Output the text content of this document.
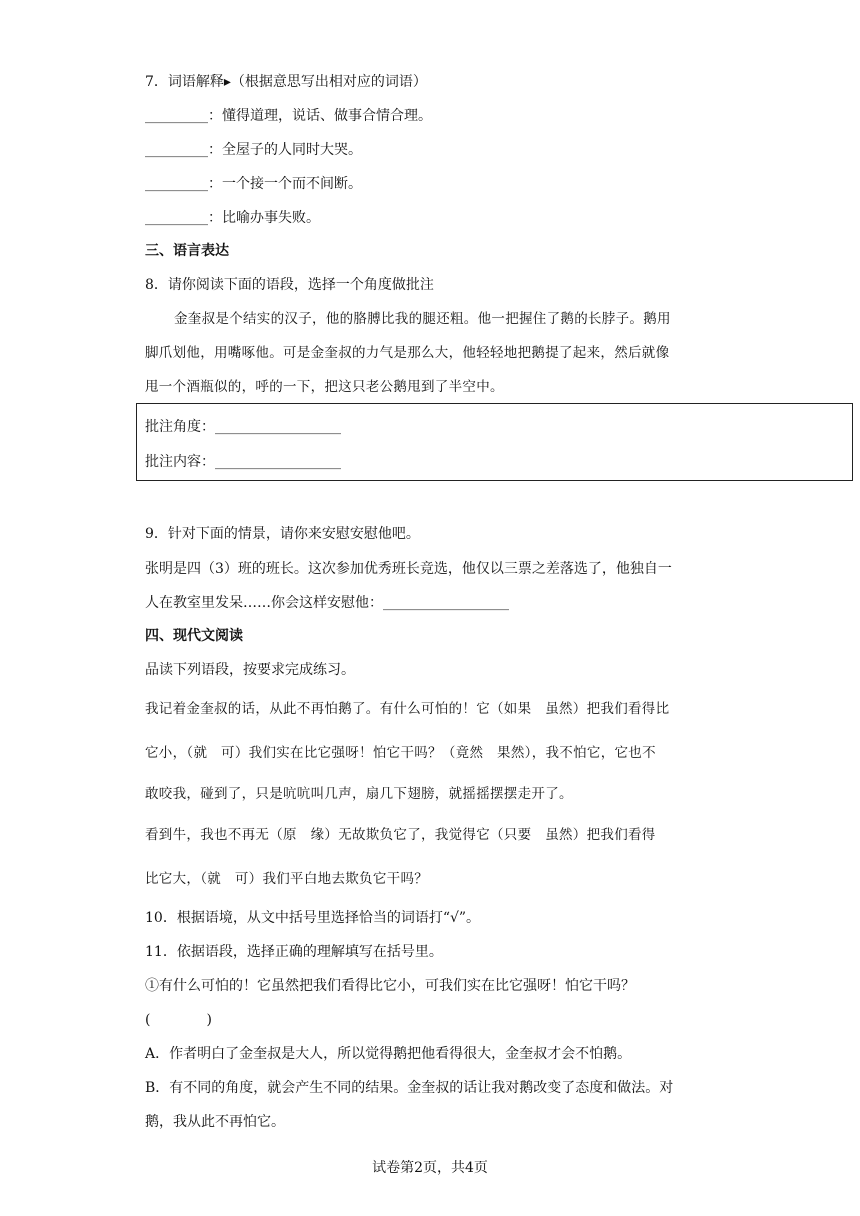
7．词语解释▸（根据意思写出相对应的词语）
_________：懂得道理，说话、做事合情合理。
_________：全屋子的人同时大哭。
_________：一个接一个而不间断。
_________：比喻办事失败。
三、语言表达
8．请你阅读下面的语段，选择一个角度做批注
金奎叔是个结实的汉子，他的胳膊比我的腿还粗。他一把握住了鹅的长脖子。鹅用
脚爪划他，用嘴啄他。可是金奎叔的力气是那么大，他轻轻地把鹅提了起来，然后就像
甩一个酒瓶似的，呼的一下，把这只老公鹅甩到了半空中。
批注角度：__________________
批注内容：__________________
9．针对下面的情景，请你来安慰安慰他吧。
张明是四（3）班的班长。这次参加优秀班长竞选，他仅以三票之差落选了，他独自一
人在教室里发呆……你会这样安慰他：__________________
四、现代文阅读
品读下列语段，按要求完成练习。
我记着金奎叔的话，从此不再怕鹅了。有什么可怕的！它（如果　虽然）把我们看得比
它小，（就　可）我们实在比它强呀！怕它干吗？（竟然　果然），我不怕它，它也不
敢咬我，碰到了，只是吭吭叫几声，扇几下翅膀，就摇摇摆摆走开了。
看到牛，我也不再无（原　缘）无故欺负它了，我觉得它（只要　虽然）把我们看得
比它大，（就　可）我们平白地去欺负它干吗？
10．根据语境，从文中括号里选择恰当的词语打“√”。
11．依据语段，选择正确的理解填写在括号里。
①有什么可怕的！它虽然把我们看得比它小，可我们实在比它强呀！怕它干吗？
(　　　　)
A．作者明白了金奎叔是大人，所以觉得鹅把他看得很大，金奎叔才会不怕鹅。
B．有不同的角度，就会产生不同的结果。金奎叔的话让我对鹅改变了态度和做法。对
鹅，我从此不再怕它。
试卷第2页，共4页
